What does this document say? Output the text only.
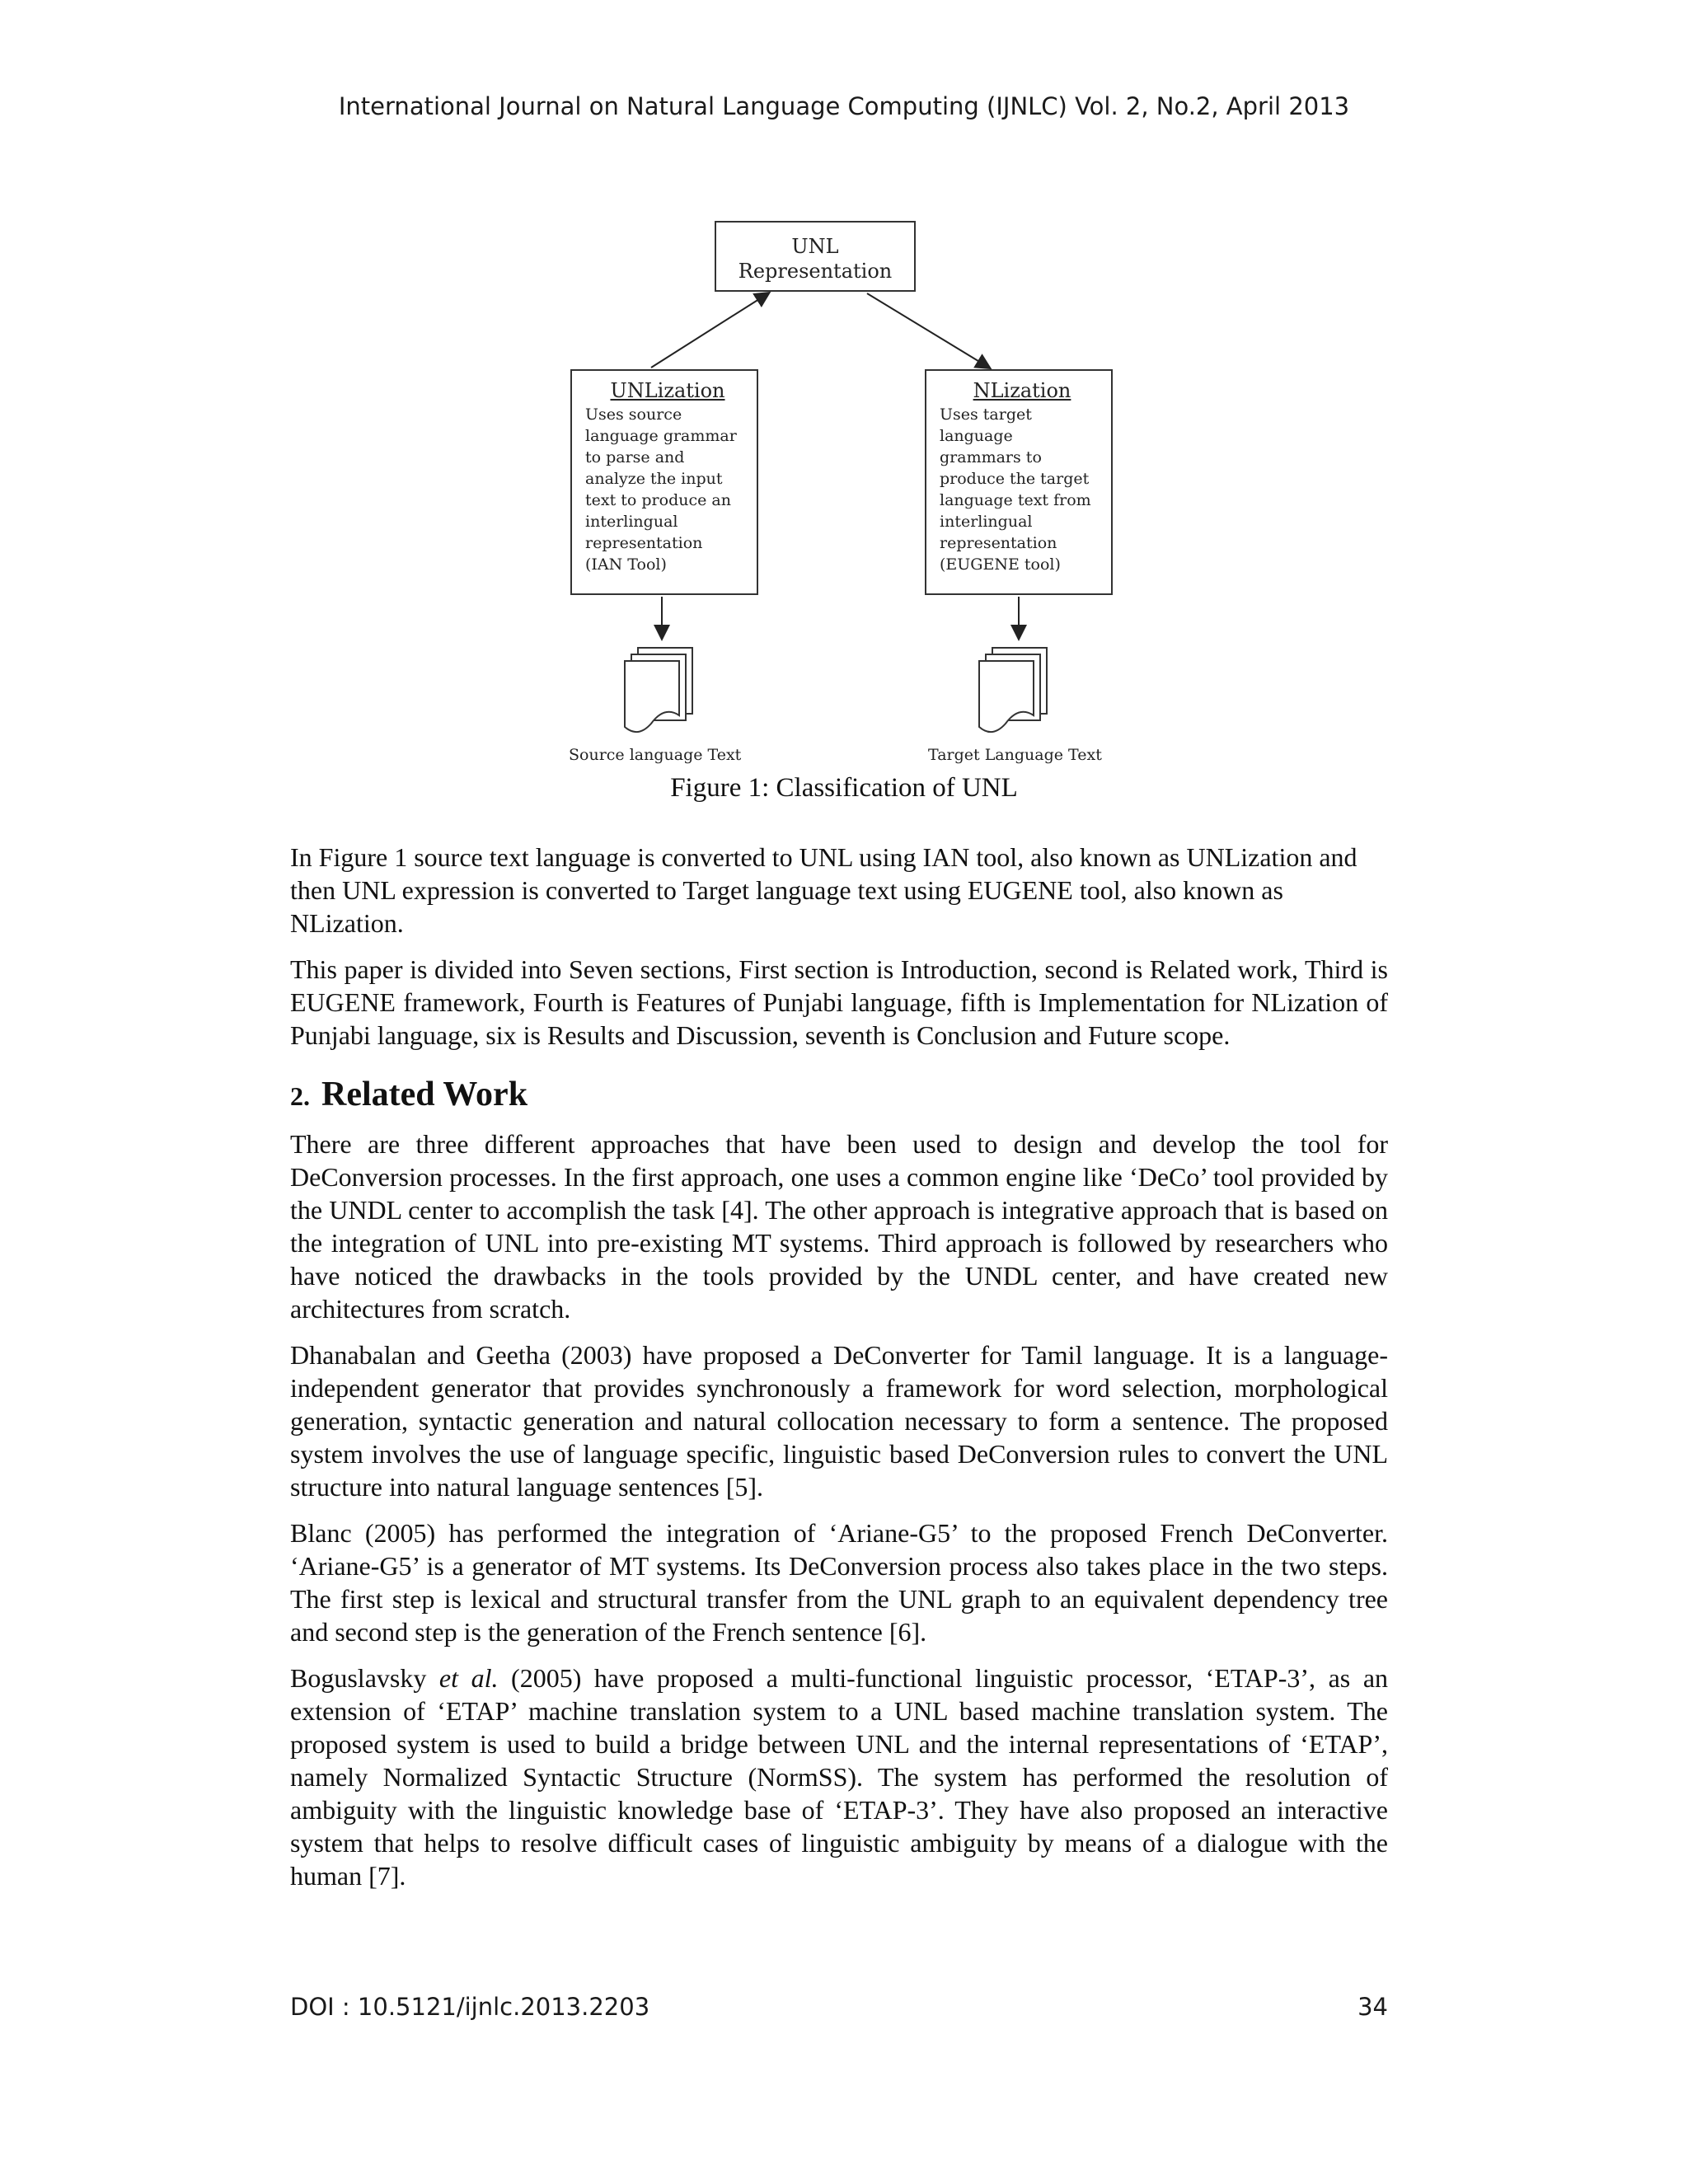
International Journal on Natural Language Computing (IJNLC) Vol. 2, No.2, April 2013
UNL
Representation
UNLization
Uses source
language grammar
to parse and
analyze the input
text to produce an
interlingual
representation
(IAN Tool)
NLization
Uses target
language
grammars to
produce the target
language text from
interlingual
representation
(EUGENE tool)
Source language Text	Target Language Text
Figure 1: Classification of UNL

In Figure 1 source text language is converted to UNL using IAN tool, also known as UNLization and then UNL expression is converted to Target language text using EUGENE tool, also known as NLization.

This paper is divided into Seven sections, First section is Introduction, second is Related work, Third is EUGENE framework, Fourth is Features of Punjabi language, fifth is Implementation for NLization of Punjabi language, six is Results and Discussion, seventh is Conclusion and Future scope.

2. Related Work

There are three different approaches that have been used to design and develop the tool for DeConversion processes. In the first approach, one uses a common engine like ‘DeCo’ tool provided by the UNDL center to accomplish the task [4]. The other approach is integrative approach that is based on the integration of UNL into pre-existing MT systems. Third approach is followed by researchers who have noticed the drawbacks in the tools provided by the UNDL center, and have created new architectures from scratch.

Dhanabalan and Geetha (2003) have proposed a DeConverter for Tamil language. It is a language-independent generator that provides synchronously a framework for word selection, morphological generation, syntactic generation and natural collocation necessary to form a sentence. The proposed system involves the use of language specific, linguistic based DeConversion rules to convert the UNL structure into natural language sentences [5].

Blanc (2005) has performed the integration of ‘Ariane-G5’ to the proposed French DeConverter. ‘Ariane-G5’ is a generator of MT systems. Its DeConversion process also takes place in the two steps. The first step is lexical and structural transfer from the UNL graph to an equivalent dependency tree and second step is the generation of the French sentence [6].

Boguslavsky et al. (2005) have proposed a multi-functional linguistic processor, ‘ETAP-3’, as an extension of ‘ETAP’ machine translation system to a UNL based machine translation system. The proposed system is used to build a bridge between UNL and the internal representations of ‘ETAP’, namely Normalized Syntactic Structure (NormSS). The system has performed the resolution of ambiguity with the linguistic knowledge base of ‘ETAP-3’. They have also proposed an interactive system that helps to resolve difficult cases of linguistic ambiguity by means of a dialogue with the human [7].

DOI : 10.5121/ijnlc.2013.2203	34
